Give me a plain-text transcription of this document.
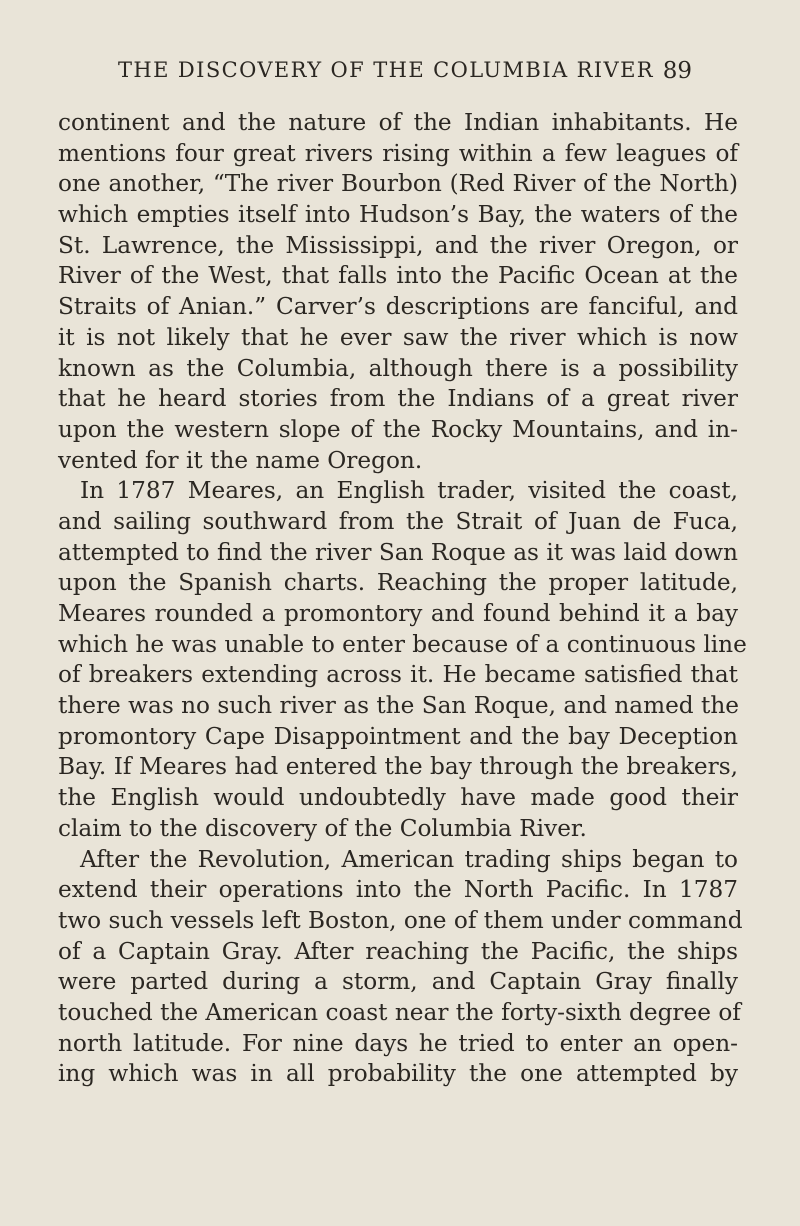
THE DISCOVERY OF THE COLUMBIA RIVER 89
continent and the nature of the Indian inhabitants. He
mentions four great rivers rising within a few leagues of
one another, “The river Bourbon (Red River of the North)
which empties itself into Hudson’s Bay, the waters of the
St. Lawrence, the Mississippi, and the river Oregon, or
River of the West, that falls into the Pacific Ocean at the
Straits of Anian.” Carver’s descriptions are fanciful, and
it is not likely that he ever saw the river which is now
known as the Columbia, although there is a possibility
that he heard stories from the Indians of a great river
upon the western slope of the Rocky Mountains, and in-
vented for it the name Oregon.
In 1787 Meares, an English trader, visited the coast,
and sailing southward from the Strait of Juan de Fuca,
attempted to find the river San Roque as it was laid down
upon the Spanish charts. Reaching the proper latitude,
Meares rounded a promontory and found behind it a bay
which he was unable to enter because of a continuous line
of breakers extending across it. He became satisfied that
there was no such river as the San Roque, and named the
promontory Cape Disappointment and the bay Deception
Bay. If Meares had entered the bay through the breakers,
the English would undoubtedly have made good their
claim to the discovery of the Columbia River.
After the Revolution, American trading ships began to
extend their operations into the North Pacific. In 1787
two such vessels left Boston, one of them under command
of a Captain Gray. After reaching the Pacific, the ships
were parted during a storm, and Captain Gray finally
touched the American coast near the forty-sixth degree of
north latitude. For nine days he tried to enter an open-
ing which was in all probability the one attempted by
